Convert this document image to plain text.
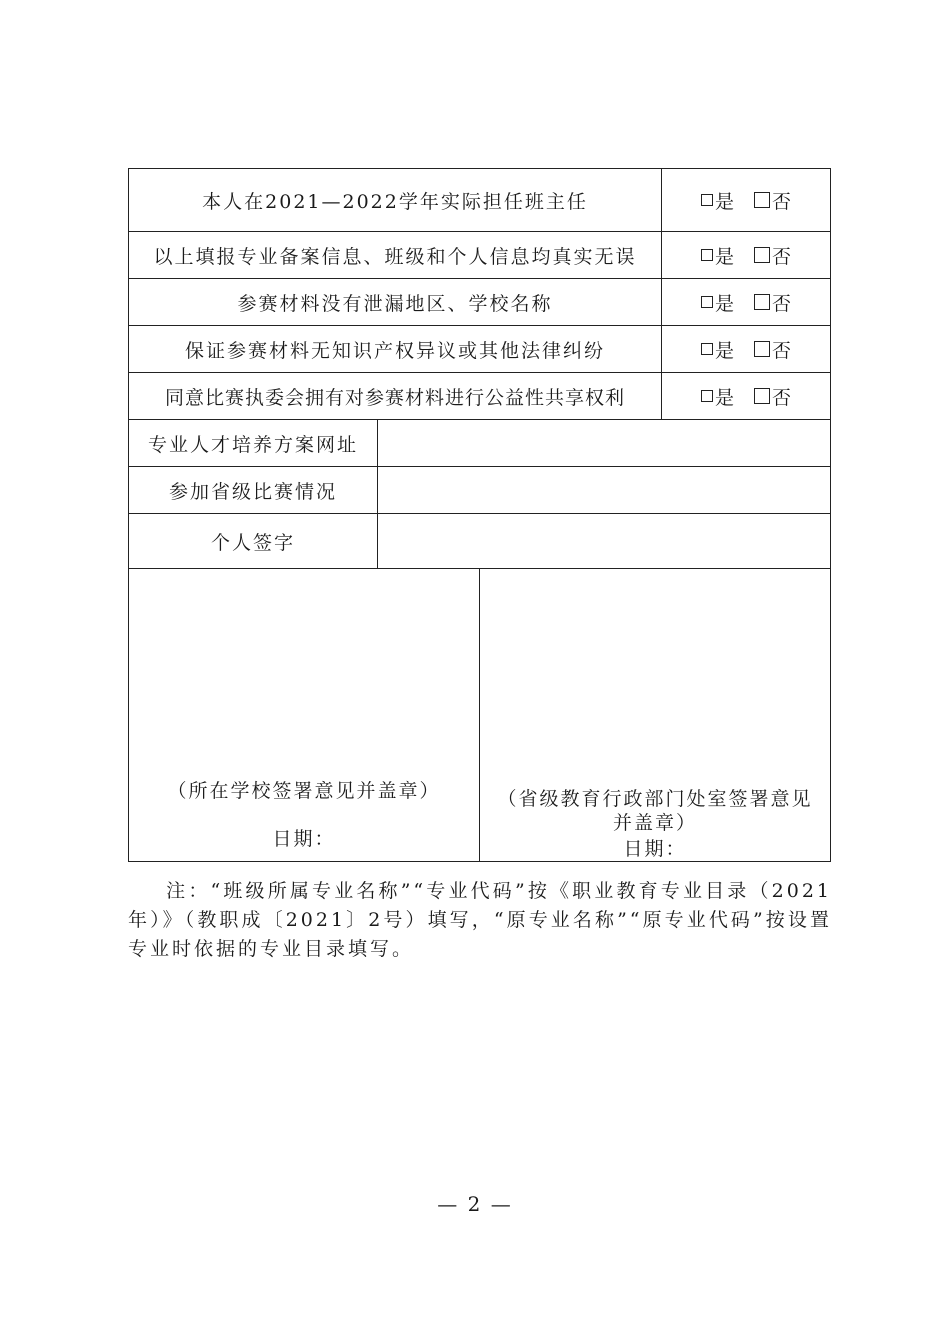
本人在2021—2022学年实际担任班主任	是 否
以上填报专业备案信息、班级和个人信息均真实无误	是 否
参赛材料没有泄漏地区、学校名称	是 否
保证参赛材料无知识产权异议或其他法律纠纷	是 否
同意比赛执委会拥有对参赛材料进行公益性共享权利	是 否
专业人才培养方案网址
参加省级比赛情况
个人签字
（所在学校签署意见并盖章）
日期：
（省级教育行政部门处室签署意见并盖章）
日期：
注：“班级所属专业名称”“专业代码”按《职业教育专业目录（2021年）》（教职成〔2021〕2号）填写，“原专业名称”“原专业代码”按设置专业时依据的专业目录填写。
— 2 —
